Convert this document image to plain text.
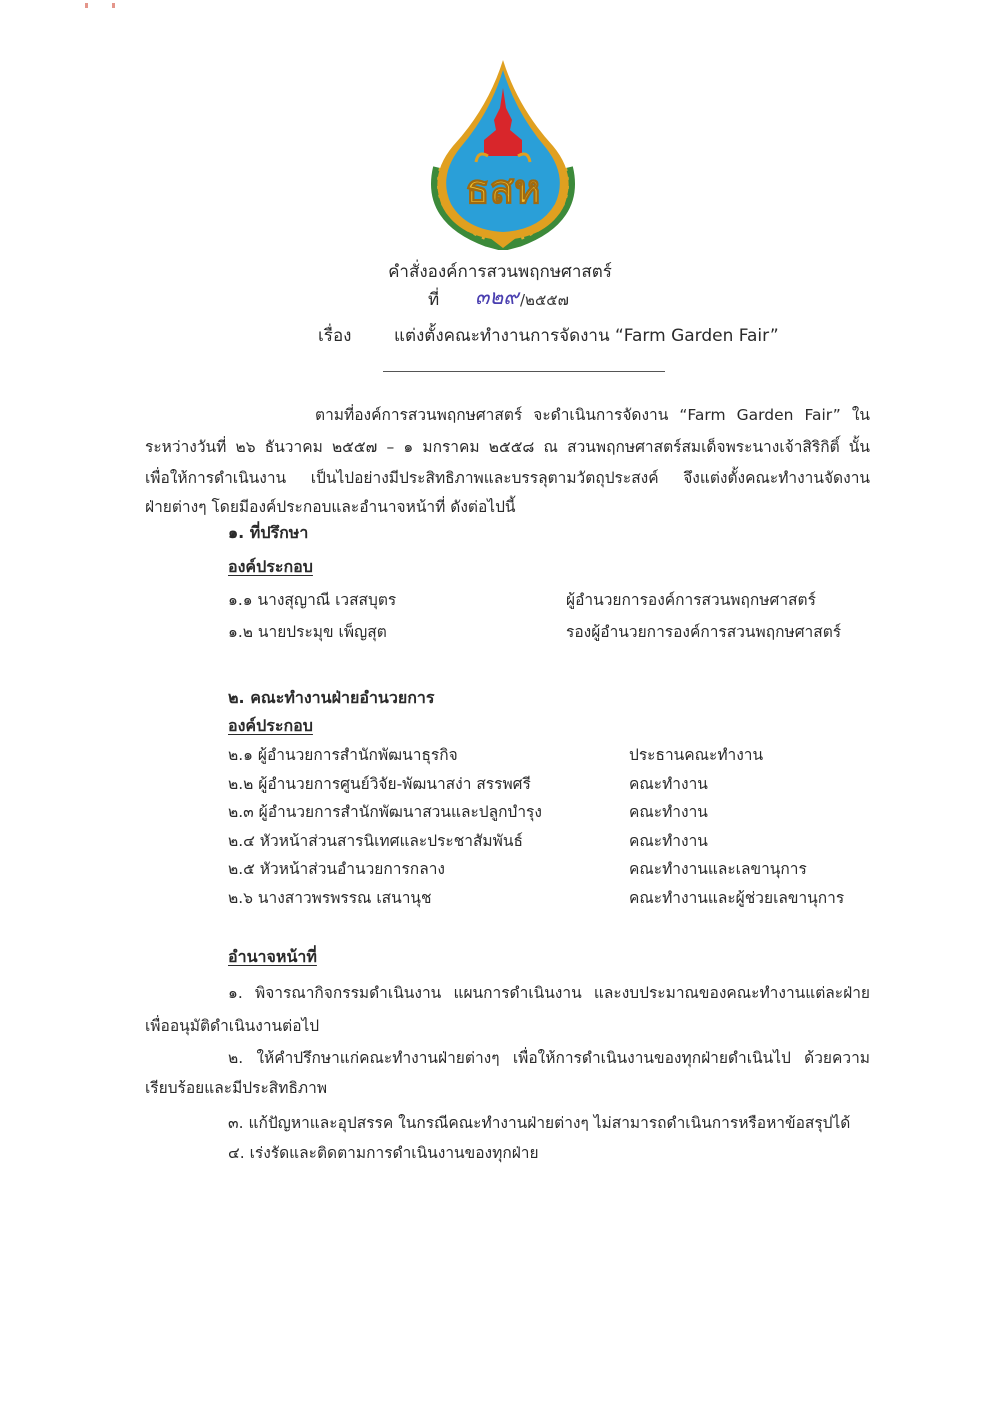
ธสห
คำสั่งองค์การสวนพฤกษศาสตร์
ที่ ๓๒๙ /๒๕๕๗
เรื่อง	แต่งตั้งคณะทำงานการจัดงาน “Farm Garden Fair”
ตามที่องค์การสวนพฤกษศาสตร์ จะดำเนินการจัดงาน “Farm Garden Fair” ใน
ระหว่างวันที่ ๒๖ ธันวาคม ๒๕๕๗ – ๑ มกราคม ๒๕๕๘ ณ สวนพฤกษศาสตร์สมเด็จพระนางเจ้าสิริกิติ์ นั้น
เพื่อให้การดำเนินงาน เป็นไปอย่างมีประสิทธิภาพและบรรลุตามวัตถุประสงค์ จึงแต่งตั้งคณะทำงานจัดงาน
ฝ่ายต่างๆ โดยมีองค์ประกอบและอำนาจหน้าที่ ดังต่อไปนี้
๑. ที่ปรึกษา
องค์ประกอบ
๑.๑ นางสุญาณี เวสสบุตร	ผู้อำนวยการองค์การสวนพฤกษศาสตร์
๑.๒ นายประมุข เพ็ญสุต	รองผู้อำนวยการองค์การสวนพฤกษศาสตร์
๒. คณะทำงานฝ่ายอำนวยการ
องค์ประกอบ
๒.๑ ผู้อำนวยการสำนักพัฒนาธุรกิจ	ประธานคณะทำงาน
๒.๒ ผู้อำนวยการศูนย์วิจัย-พัฒนาสง่า สรรพศรี	คณะทำงาน
๒.๓ ผู้อำนวยการสำนักพัฒนาสวนและปลูกบำรุง	คณะทำงาน
๒.๔ หัวหน้าส่วนสารนิเทศและประชาสัมพันธ์	คณะทำงาน
๒.๕ หัวหน้าส่วนอำนวยการกลาง	คณะทำงานและเลขานุการ
๒.๖ นางสาวพรพรรณ เสนานุช	คณะทำงานและผู้ช่วยเลขานุการ
อำนาจหน้าที่
๑. พิจารณากิจกรรมดำเนินงาน แผนการดำเนินงาน และงบประมาณของคณะทำงานแต่ละฝ่าย
เพื่ออนุมัติดำเนินงานต่อไป
๒. ให้คำปรึกษาแก่คณะทำงานฝ่ายต่างๆ เพื่อให้การดำเนินงานของทุกฝ่ายดำเนินไป ด้วยความ
เรียบร้อยและมีประสิทธิภาพ
๓. แก้ปัญหาและอุปสรรค ในกรณีคณะทำงานฝ่ายต่างๆ ไม่สามารถดำเนินการหรือหาข้อสรุปได้
๔. เร่งรัดและติดตามการดำเนินงานของทุกฝ่าย
